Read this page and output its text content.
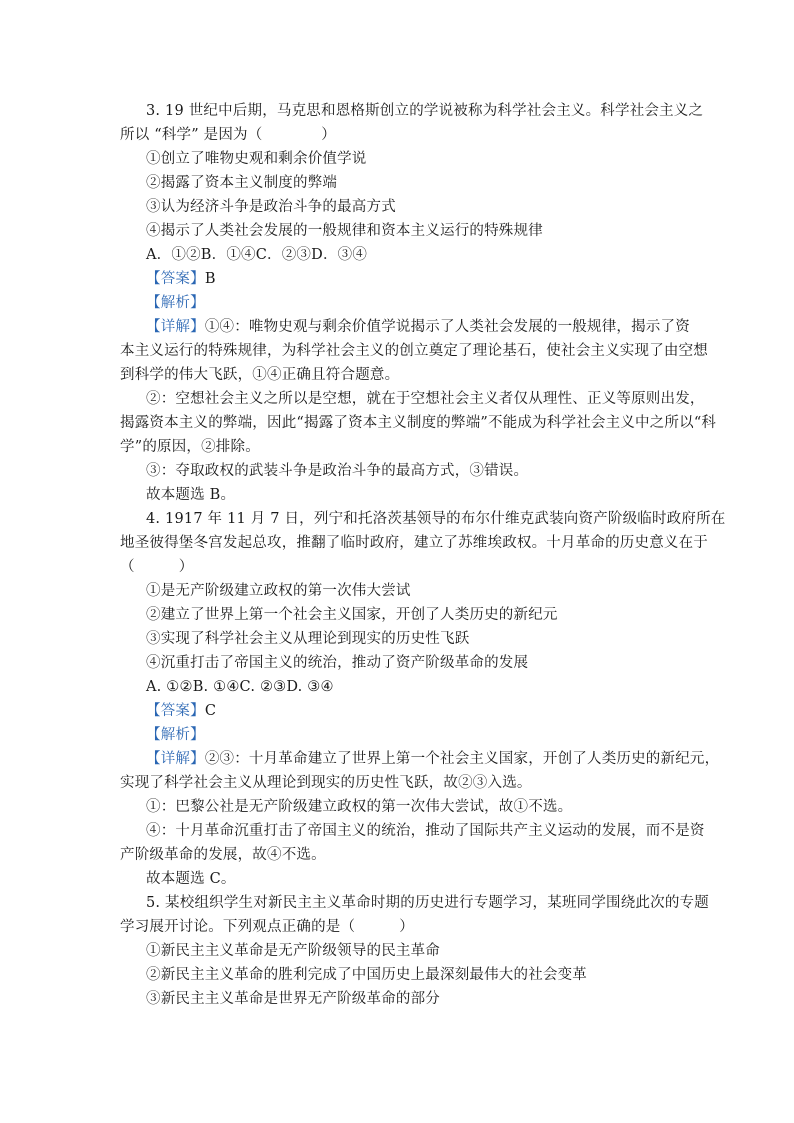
3. 19 世纪中后期，马克思和恩格斯创立的学说被称为科学社会主义。科学社会主义之
所以 “科学” 是因为（　　　　）
①创立了唯物史观和剩余价值学说
②揭露了资本主义制度的弊端
③认为经济斗争是政治斗争的最高方式
④揭示了人类社会发展的一般规律和资本主义运行的特殊规律
A．①②B．①④C．②③D．③④
【答案】B
【解析】
【详解】①④：唯物史观与剩余价值学说揭示了人类社会发展的一般规律，揭示了资
本主义运行的特殊规律，为科学社会主义的创立奠定了理论基石，使社会主义实现了由空想
到科学的伟大飞跃，①④正确且符合题意。
②：空想社会主义之所以是空想，就在于空想社会主义者仅从理性、正义等原则出发，
揭露资本主义的弊端，因此“揭露了资本主义制度的弊端”不能成为科学社会主义中之所以“科
学”的原因，②排除。
③：夺取政权的武装斗争是政治斗争的最高方式，③错误。
故本题选 B。
4. 1917 年 11 月 7 日，列宁和托洛茨基领导的布尔什维克武装向资产阶级临时政府所在
地圣彼得堡冬宫发起总攻，推翻了临时政府，建立了苏维埃政权。十月革命的历史意义在于
（　　　）
①是无产阶级建立政权的第一次伟大尝试
②建立了世界上第一个社会主义国家，开创了人类历史的新纪元
③实现了科学社会主义从理论到现实的历史性飞跃
④沉重打击了帝国主义的统治，推动了资产阶级革命的发展
A. ①②B. ①④C. ②③D. ③④
【答案】C
【解析】
【详解】②③：十月革命建立了世界上第一个社会主义国家，开创了人类历史的新纪元，
实现了科学社会主义从理论到现实的历史性飞跃，故②③入选。
①：巴黎公社是无产阶级建立政权的第一次伟大尝试，故①不选。
④：十月革命沉重打击了帝国主义的统治，推动了国际共产主义运动的发展，而不是资
产阶级革命的发展，故④不选。
故本题选 C。
5. 某校组织学生对新民主主义革命时期的历史进行专题学习，某班同学围绕此次的专题
学习展开讨论。下列观点正确的是（　　　）
①新民主主义革命是无产阶级领导的民主革命
②新民主主义革命的胜利完成了中国历史上最深刻最伟大的社会变革
③新民主主义革命是世界无产阶级革命的部分
